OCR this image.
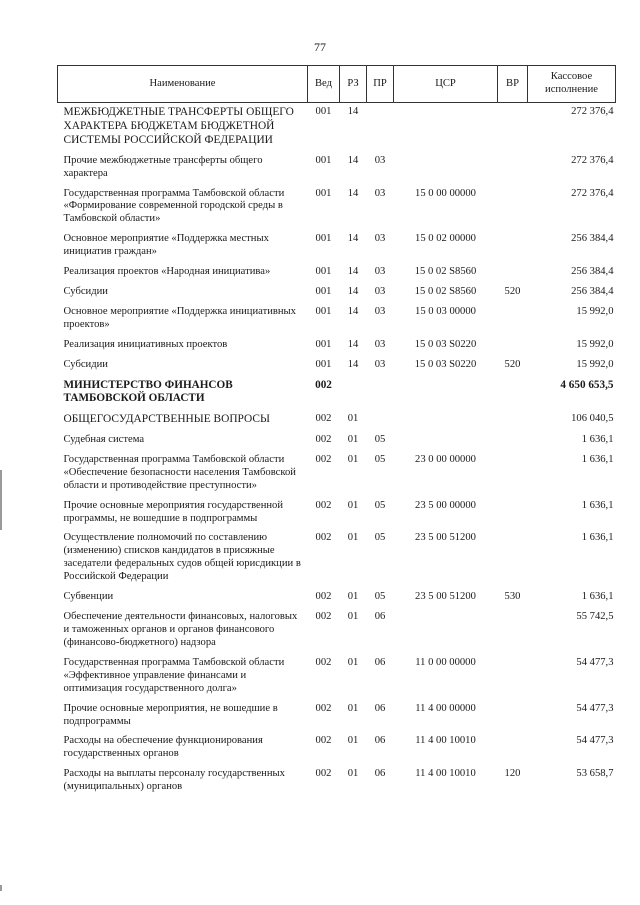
77
Наименование	Вед	РЗ	ПР	ЦСР	ВР	Кассовое исполнение
МЕЖБЮДЖЕТНЫЕ ТРАНСФЕРТЫ ОБЩЕГО ХАРАКТЕРА БЮДЖЕТАМ БЮДЖЕТНОЙ СИСТЕМЫ РОССИЙСКОЙ ФЕДЕРАЦИИ	001	14				272 376,4
Прочие межбюджетные трансферты общего характера	001	14	03			272 376,4
Государственная программа Тамбовской области «Формирование современной городской среды в Тамбовской области»	001	14	03	15 0 00 00000		272 376,4
Основное мероприятие «Поддержка местных инициатив граждан»	001	14	03	15 0 02 00000		256 384,4
Реализация проектов «Народная инициатива»	001	14	03	15 0 02 S8560		256 384,4
Субсидии	001	14	03	15 0 02 S8560	520	256 384,4
Основное мероприятие «Поддержка инициативных проектов»	001	14	03	15 0 03 00000		15 992,0
Реализация инициативных проектов	001	14	03	15 0 03 S0220		15 992,0
Субсидии	001	14	03	15 0 03 S0220	520	15 992,0
МИНИСТЕРСТВО ФИНАНСОВ ТАМБОВСКОЙ ОБЛАСТИ	002					4 650 653,5
ОБЩЕГОСУДАРСТВЕННЫЕ ВОПРОСЫ	002	01				106 040,5
Судебная система	002	01	05			1 636,1
Государственная программа Тамбовской области «Обеспечение безопасности населения Тамбовской области и противодействие преступности»	002	01	05	23 0 00 00000		1 636,1
Прочие основные мероприятия государственной программы, не вошедшие в подпрограммы	002	01	05	23 5 00 00000		1 636,1
Осуществление полномочий по составлению (изменению) списков кандидатов в присяжные заседатели федеральных судов общей юрисдикции в Российской Федерации	002	01	05	23 5 00 51200		1 636,1
Субвенции	002	01	05	23 5 00 51200	530	1 636,1
Обеспечение деятельности финансовых, налоговых и таможенных органов и органов финансового (финансово-бюджетного) надзора	002	01	06			55 742,5
Государственная программа Тамбовской области «Эффективное управление финансами и оптимизация государственного долга»	002	01	06	11 0 00 00000		54 477,3
Прочие основные мероприятия, не вошедшие в подпрограммы	002	01	06	11 4 00 00000		54 477,3
Расходы на обеспечение функционирования государственных органов	002	01	06	11 4 00 10010		54 477,3
Расходы на выплаты персоналу государственных (муниципальных) органов	002	01	06	11 4 00 10010	120	53 658,7
